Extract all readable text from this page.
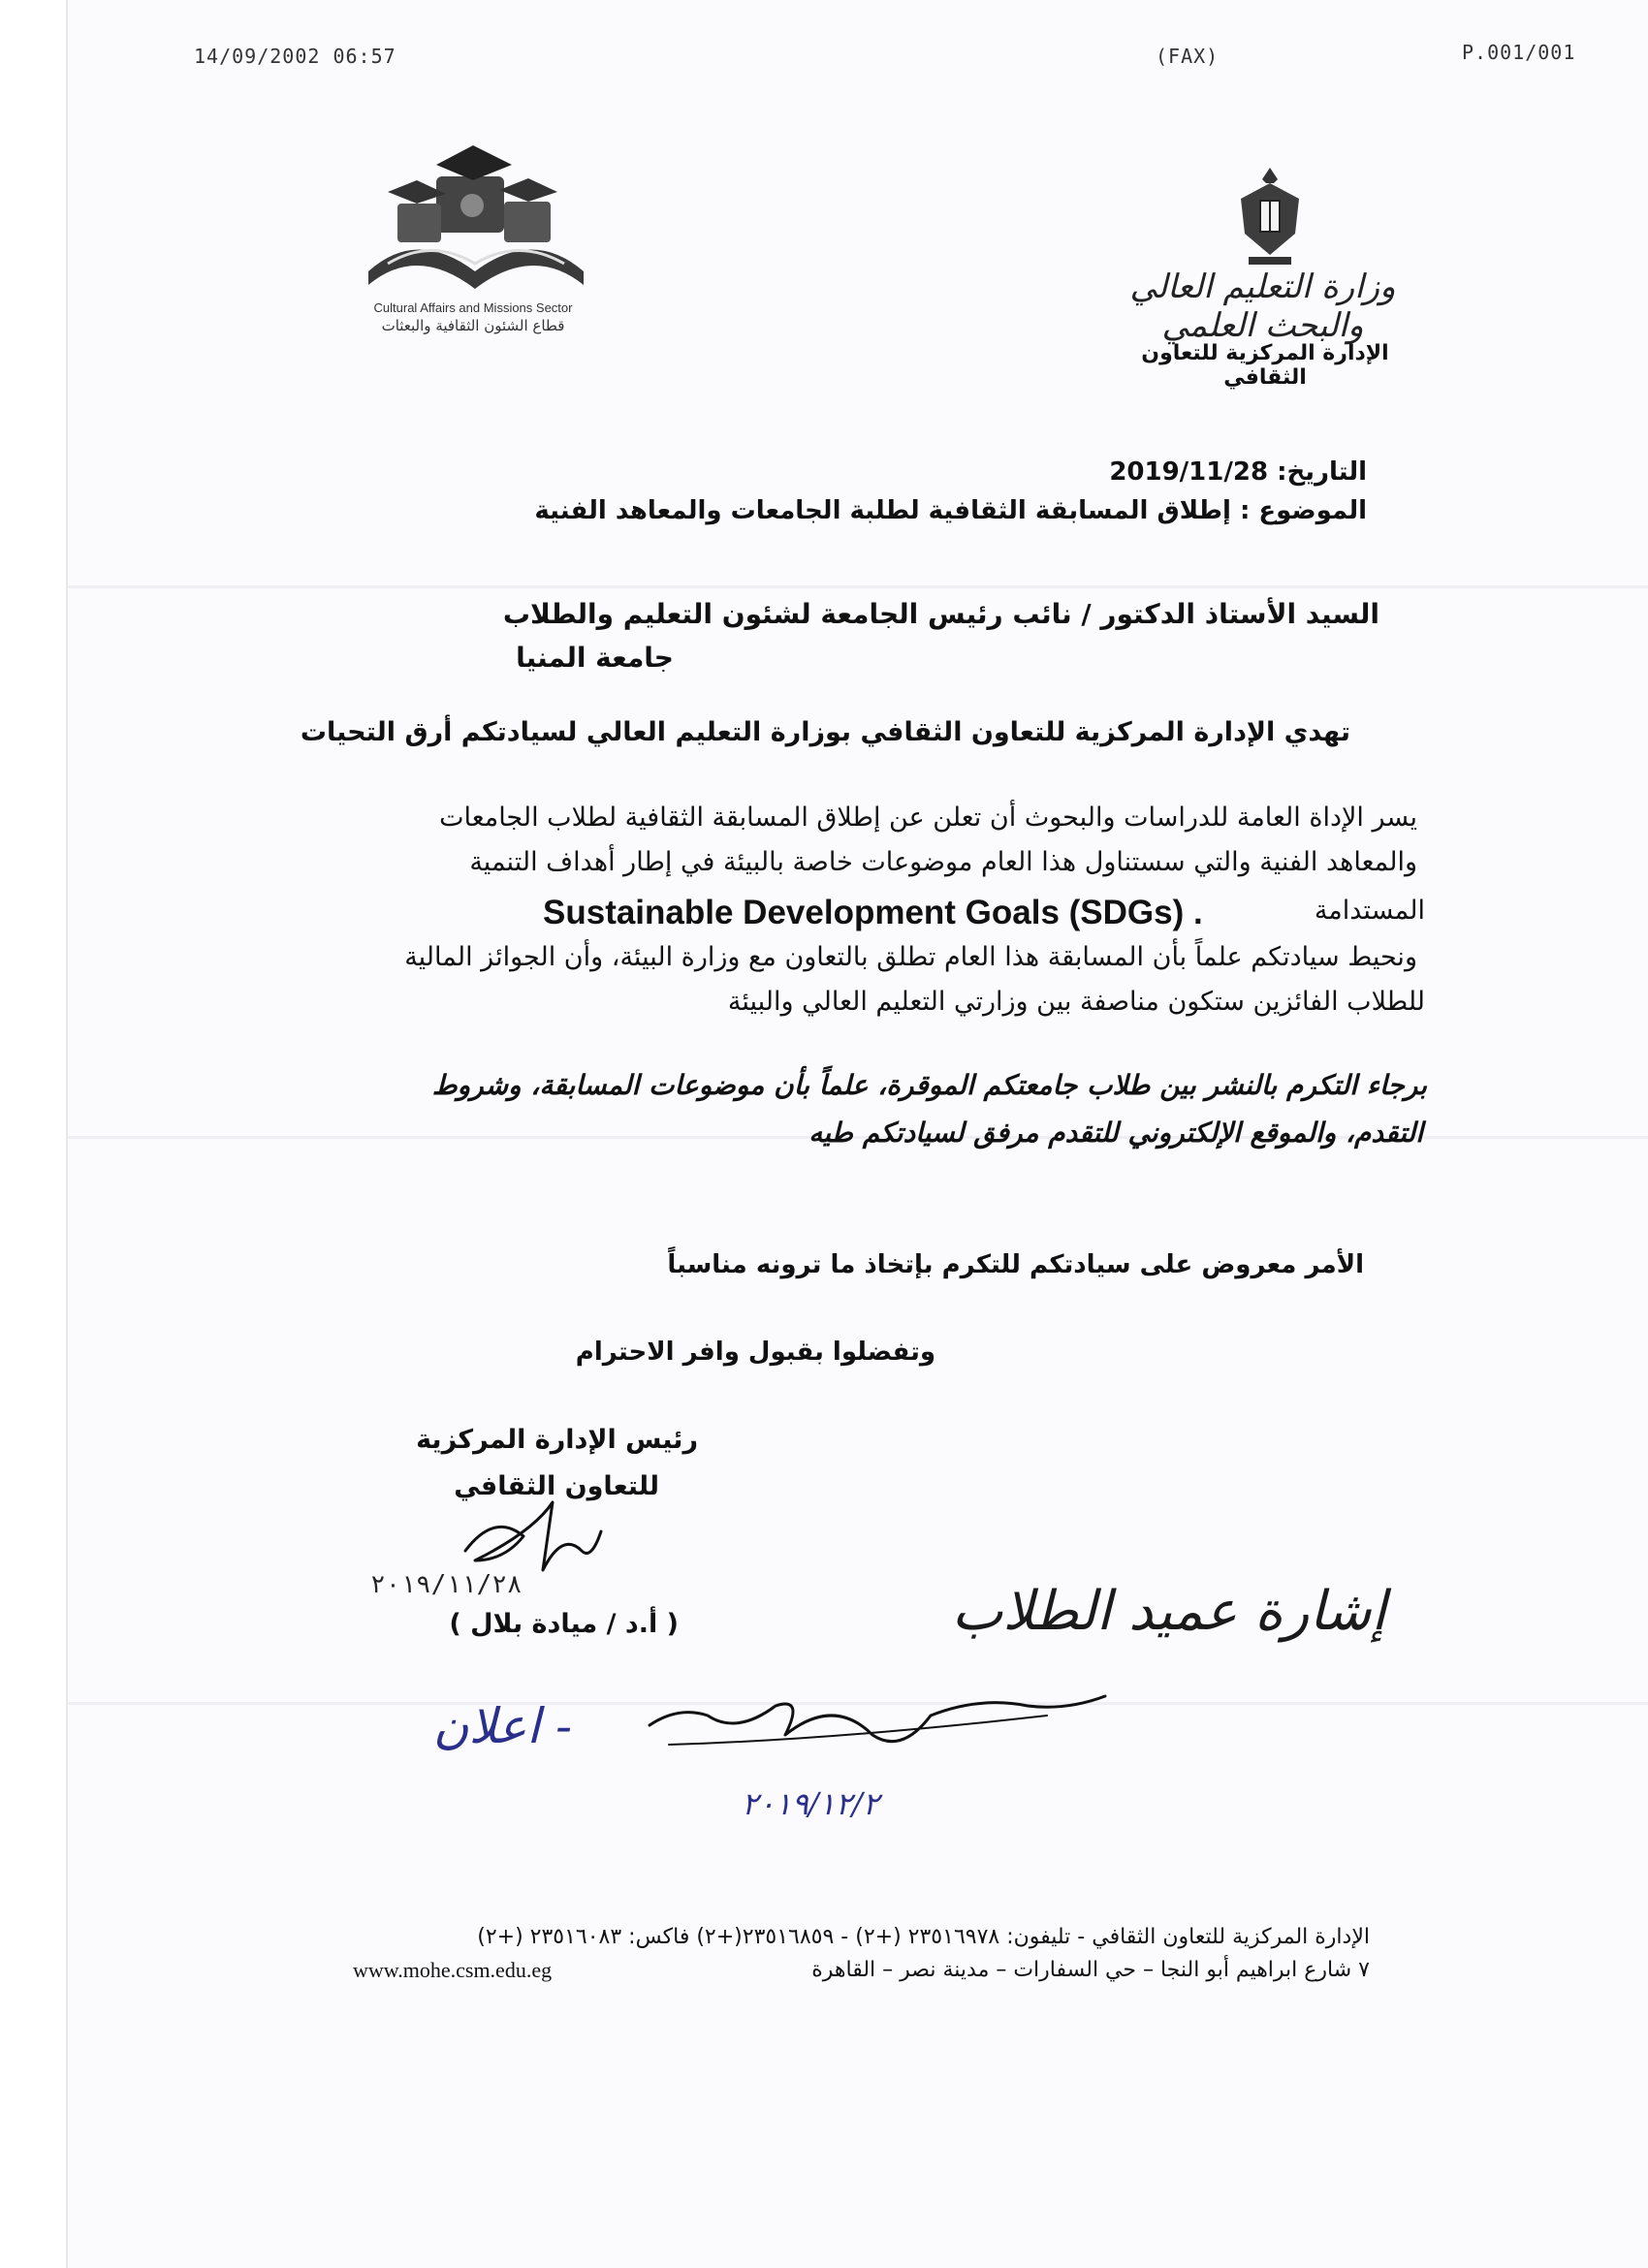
14/09/2002 06:57	(FAX)	P.001/001
Cultural Affairs and Missions Sector
قطاع الشئون الثقافية والبعثات
وزارة التعليم العالي والبحث العلمي
الإدارة المركزية للتعاون الثقافي
التاريخ: 2019/11/28
الموضوع : إطلاق المسابقة الثقافية لطلبة الجامعات والمعاهد الفنية
السيد الأستاذ الدكتور / نائب رئيس الجامعة لشئون التعليم والطلاب
جامعة المنيا
تهدي الإدارة المركزية للتعاون الثقافي بوزارة التعليم العالي لسيادتكم أرق التحيات
يسر الإداة العامة للدراسات والبحوث أن تعلن عن إطلاق المسابقة الثقافية لطلاب الجامعات
والمعاهد الفنية والتي سستناول هذا العام موضوعات خاصة بالبيئة في إطار أهداف التنمية
المستدامة
Sustainable Development Goals (SDGs) .
ونحيط سيادتكم علماً بأن المسابقة هذا العام تطلق بالتعاون مع وزارة البيئة، وأن الجوائز المالية
للطلاب الفائزين ستكون مناصفة بين وزارتي التعليم العالي والبيئة
برجاء التكرم بالنشر بين طلاب جامعتكم الموقرة، علماً بأن موضوعات المسابقة، وشروط
التقدم، والموقع الإلكتروني للتقدم مرفق لسيادتكم طيه
الأمر معروض على سيادتكم للتكرم بإتخاذ ما ترونه مناسباً
وتفضلوا بقبول وافر الاحترام
رئيس الإدارة المركزية
للتعاون الثقافي
٢٠١٩/١١/٢٨
( أ.د / ميادة بلال )	إشارة عميد الطلاب
- اعلان
٢٠١٩/١٢/٢
الإدارة المركزية للتعاون الثقافي - تليفون: ٢٣٥١٦٩٧٨ (+٢) - ٢٣٥١٦٨٥٩(+٢) فاكس: ٢٣٥١٦٠٨٣ (+٢)
٧ شارع ابراهيم أبو النجا – حي السفارات – مدينة نصر – القاهرة
www.mohe.csm.edu.eg
